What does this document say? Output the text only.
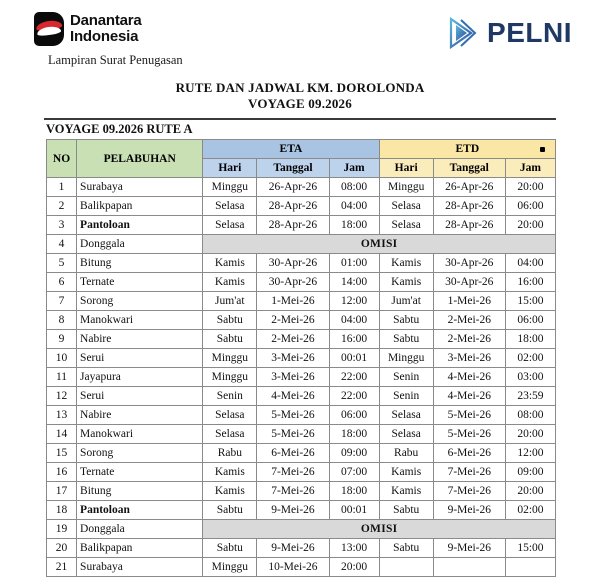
Danantara
Indonesia
Lampiran Surat Penugasan
PELNI
RUTE DAN JADWAL KM. DOROLONDA
VOYAGE 09.2026
VOYAGE 09.2026 RUTE A
NO	PELABUHAN	ETA			ETD		

		Hari	Tanggal	Jam	Hari	Tanggal	Jam
1	Surabaya	Minggu	26-Apr-26	08:00	Minggu	26-Apr-26	20:00
2	Balikpapan	Selasa	28-Apr-26	04:00	Selasa	28-Apr-26	06:00
3	Pantoloan	Selasa	28-Apr-26	18:00	Selasa	28-Apr-26	20:00
4	Donggala	OMISI					
5	Bitung	Kamis	30-Apr-26	01:00	Kamis	30-Apr-26	04:00
6	Ternate	Kamis	30-Apr-26	14:00	Kamis	30-Apr-26	16:00
7	Sorong	Jum'at	1-Mei-26	12:00	Jum'at	1-Mei-26	15:00
8	Manokwari	Sabtu	2-Mei-26	04:00	Sabtu	2-Mei-26	06:00
9	Nabire	Sabtu	2-Mei-26	16:00	Sabtu	2-Mei-26	18:00
10	Serui	Minggu	3-Mei-26	00:01	Minggu	3-Mei-26	02:00
11	Jayapura	Minggu	3-Mei-26	22:00	Senin	4-Mei-26	03:00
12	Serui	Senin	4-Mei-26	22:00	Senin	4-Mei-26	23:59
13	Nabire	Selasa	5-Mei-26	06:00	Selasa	5-Mei-26	08:00
14	Manokwari	Selasa	5-Mei-26	18:00	Selasa	5-Mei-26	20:00
15	Sorong	Rabu	6-Mei-26	09:00	Rabu	6-Mei-26	12:00
16	Ternate	Kamis	7-Mei-26	07:00	Kamis	7-Mei-26	09:00
17	Bitung	Kamis	7-Mei-26	18:00	Kamis	7-Mei-26	20:00
18	Pantoloan	Sabtu	9-Mei-26	00:01	Sabtu	9-Mei-26	02:00
19	Donggala	OMISI					
20	Balikpapan	Sabtu	9-Mei-26	13:00	Sabtu	9-Mei-26	15:00
21	Surabaya	Minggu	10-Mei-26	20:00			
